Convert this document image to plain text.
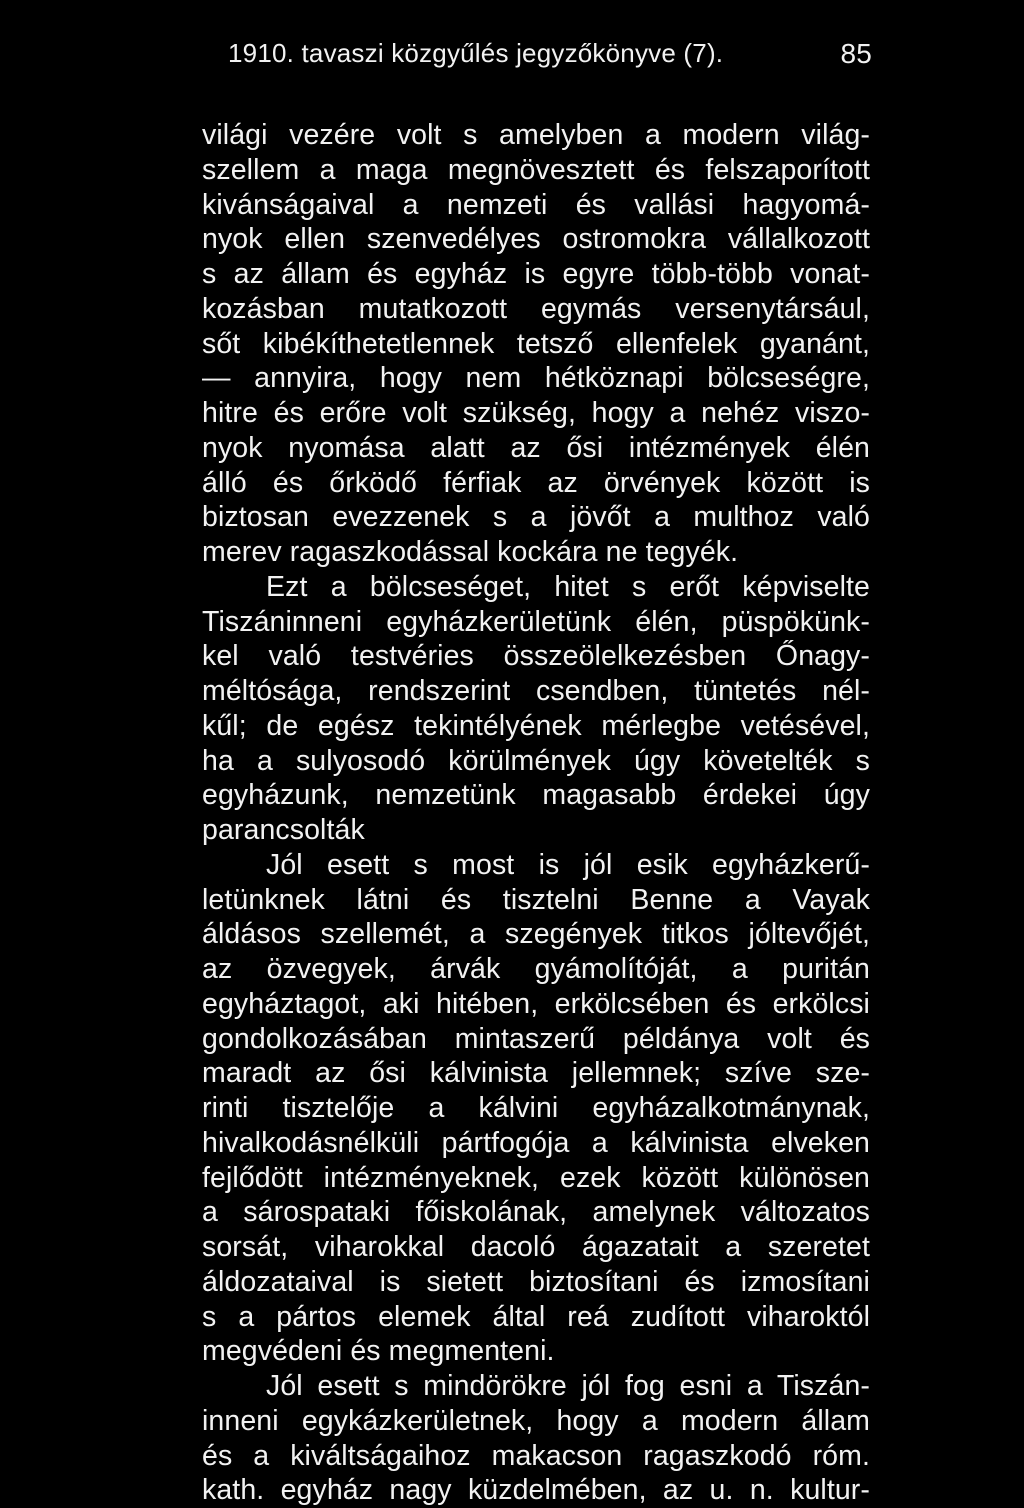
1910. tavaszi közgyűlés jegyzőkönyve (7).	85
világi vezére volt s amelyben a modern világ-
szellem a maga megnövesztett és felszaporított
kivánságaival a nemzeti és vallási hagyomá-
nyok ellen szenvedélyes ostromokra vállalkozott
s az állam és egyház is egyre több-több vonat-
kozásban mutatkozott egymás versenytársául,
sőt kibékíthetetlennek tetsző ellenfelek gyanánt,
— annyira, hogy nem hétköznapi bölcseségre,
hitre és erőre volt szükség, hogy a nehéz viszo-
nyok nyomása alatt az ősi intézmények élén
álló és őrködő férfiak az örvények között is
biztosan evezzenek s a jövőt a multhoz való
merev ragaszkodással kockára ne tegyék.
Ezt a bölcseséget, hitet s erőt képviselte
Tiszáninneni egyházkerületünk élén, püspökünk-
kel való testvéries összeölelkezésben Őnagy-
méltósága, rendszerint csendben, tüntetés nél-
kűl; de egész tekintélyének mérlegbe vetésével,
ha a sulyosodó körülmények úgy követelték s
egyházunk, nemzetünk magasabb érdekei úgy
parancsolták
Jól esett s most is jól esik egyházkerű-
letünknek látni és tisztelni Benne a Vayak
áldásos szellemét, a szegények titkos jóltevőjét,
az özvegyek, árvák gyámolítóját, a puritán
egyháztagot, aki hitében, erkölcsében és erkölcsi
gondolkozásában mintaszerű példánya volt és
maradt az ősi kálvinista jellemnek; szíve sze-
rinti tisztelője a kálvini egyházalkotmánynak,
hivalkodásnélküli pártfogója a kálvinista elveken
fejlődött intézményeknek, ezek között különösen
a sárospataki főiskolának, amelynek változatos
sorsát, viharokkal dacoló ágazatait a szeretet
áldozataival is sietett biztosítani és izmosítani
s a pártos elemek által reá zudított viharoktól
megvédeni és megmenteni.
Jól esett s mindörökre jól fog esni a Tiszán-
inneni egykázkerületnek, hogy a modern állam
és a kiváltságaihoz makacson ragaszkodó róm.
kath. egyház nagy küzdelmében, az u. n. kultur-
